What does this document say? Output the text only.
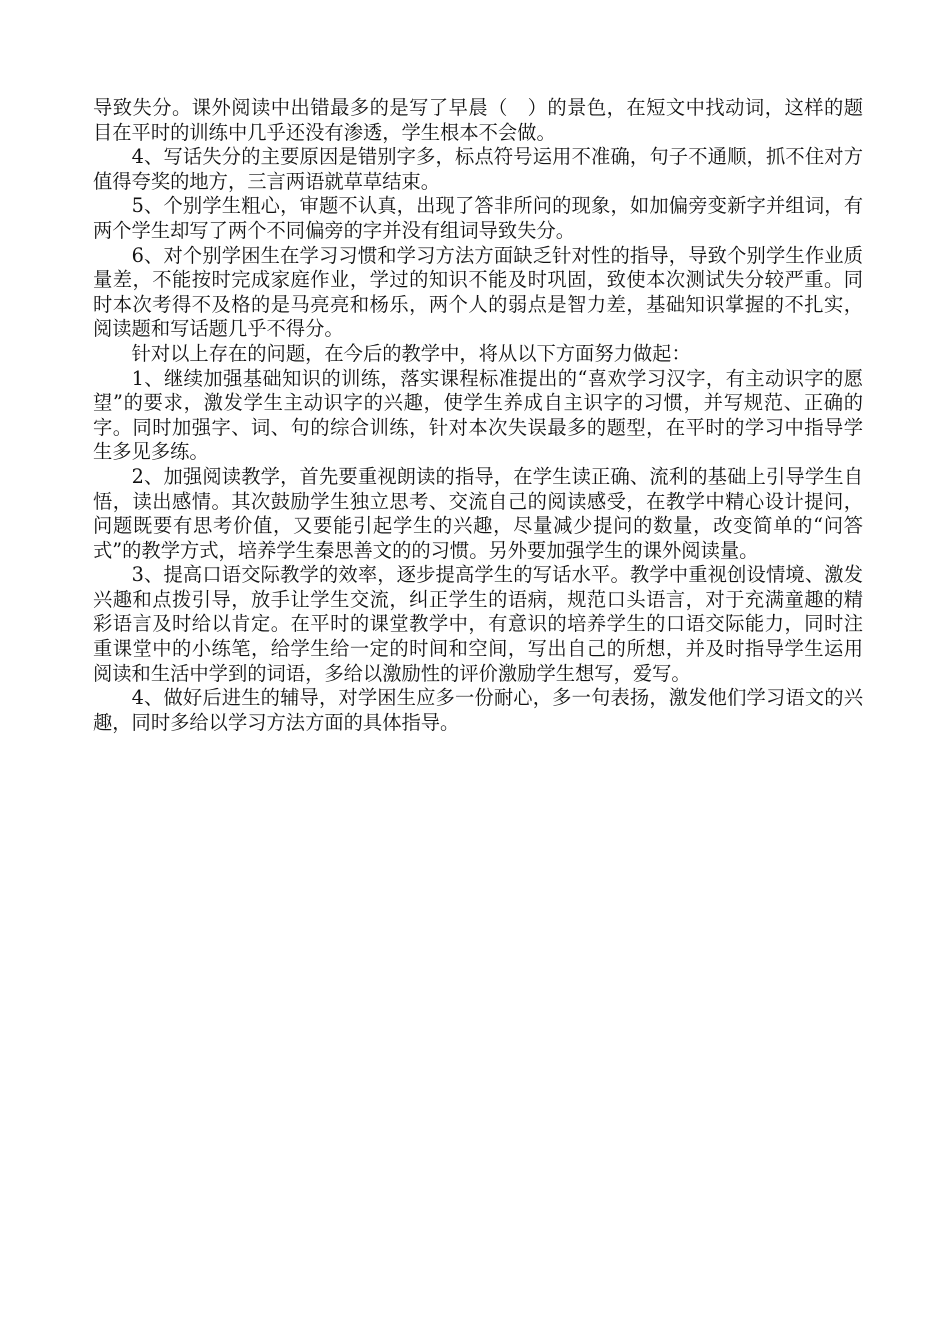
导致失分。课外阅读中出错最多的是写了早晨（　）的景色，在短文中找动词，这样的题目在平时的训练中几乎还没有渗透，学生根本不会做。

4、写话失分的主要原因是错别字多，标点符号运用不准确，句子不通顺，抓不住对方值得夸奖的地方，三言两语就草草结束。

5、个别学生粗心，审题不认真，出现了答非所问的现象，如加偏旁变新字并组词，有两个学生却写了两个不同偏旁的字并没有组词导致失分。

6、对个别学困生在学习习惯和学习方法方面缺乏针对性的指导，导致个别学生作业质量差，不能按时完成家庭作业，学过的知识不能及时巩固，致使本次测试失分较严重。同时本次考得不及格的是马亮亮和杨乐，两个人的弱点是智力差，基础知识掌握的不扎实，阅读题和写话题几乎不得分。

针对以上存在的问题，在今后的教学中，将从以下方面努力做起：

1、继续加强基础知识的训练，落实课程标准提出的“喜欢学习汉字，有主动识字的愿望”的要求，激发学生主动识字的兴趣，使学生养成自主识字的习惯，并写规范、正确的字。同时加强字、词、句的综合训练，针对本次失误最多的题型，在平时的学习中指导学生多见多练。

2、加强阅读教学，首先要重视朗读的指导，在学生读正确、流利的基础上引导学生自悟，读出感情。其次鼓励学生独立思考、交流自己的阅读感受，在教学中精心设计提问，问题既要有思考价值，又要能引起学生的兴趣，尽量减少提问的数量，改变简单的“问答式”的教学方式，培养学生秦思善文的的习惯。另外要加强学生的课外阅读量。

3、提高口语交际教学的效率，逐步提高学生的写话水平。教学中重视创设情境、激发兴趣和点拨引导，放手让学生交流，纠正学生的语病，规范口头语言，对于充满童趣的精彩语言及时给以肯定。在平时的课堂教学中，有意识的培养学生的口语交际能力，同时注重课堂中的小练笔，给学生给一定的时间和空间，写出自己的所想，并及时指导学生运用阅读和生活中学到的词语，多给以激励性的评价激励学生想写，爱写。

4、做好后进生的辅导，对学困生应多一份耐心，多一句表扬，激发他们学习语文的兴趣，同时多给以学习方法方面的具体指导。
